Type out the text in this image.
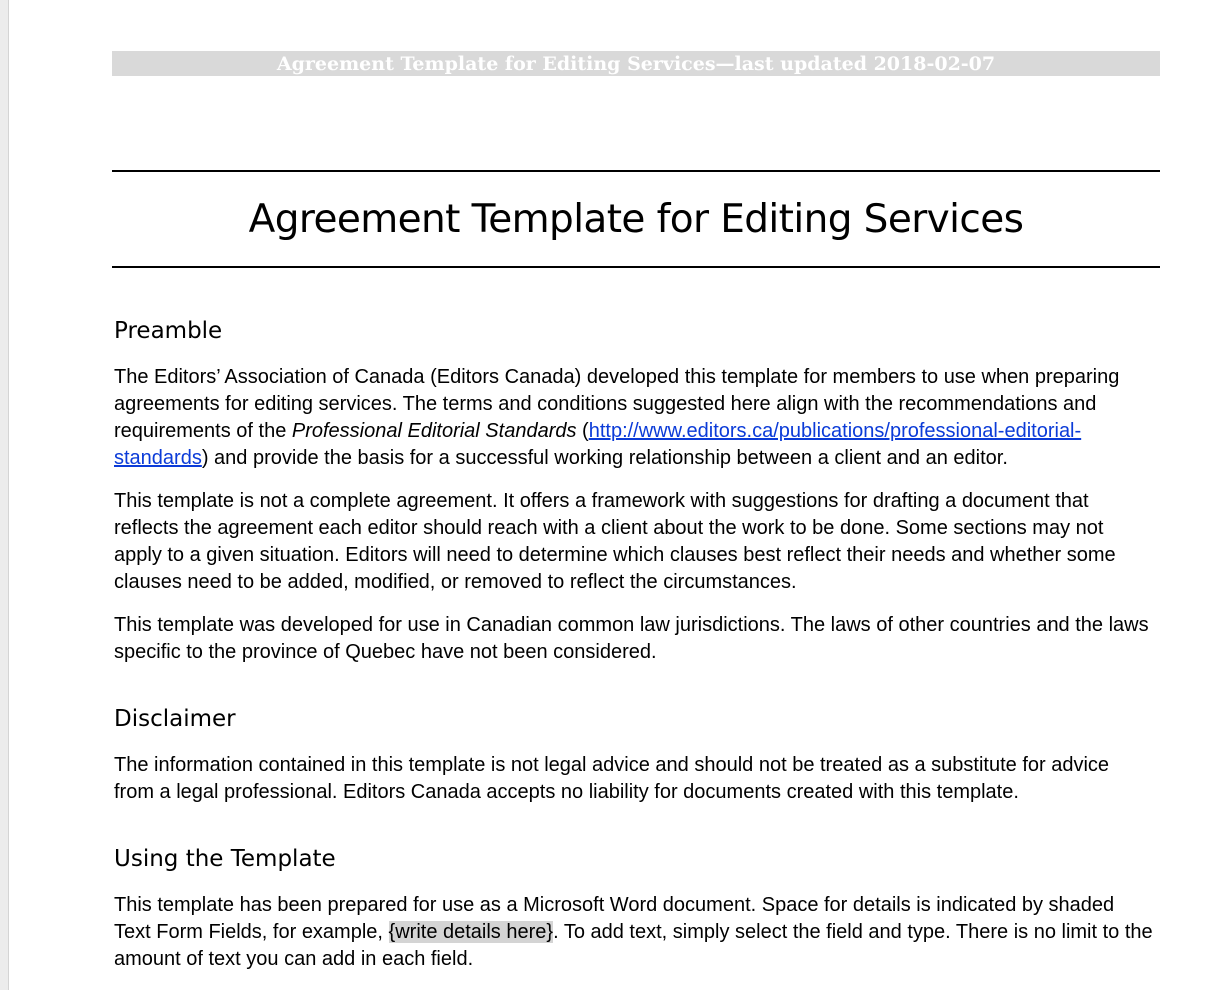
Agreement Template for Editing Services—last updated 2018-02-07
Agreement Template for Editing Services
Preamble

The Editors’ Association of Canada (Editors Canada) developed this template for members to use when preparing agreements for editing services. The terms and conditions suggested here align with the recommendations and requirements of the Professional Editorial Standards (http://www.editors.ca/publications/professional-editorial-standards) and provide the basis for a successful working relationship between a client and an editor.

This template is not a complete agreement. It offers a framework with suggestions for drafting a document that reflects the agreement each editor should reach with a client about the work to be done. Some sections may not apply to a given situation. Editors will need to determine which clauses best reflect their needs and whether some clauses need to be added, modified, or removed to reflect the circumstances.

This template was developed for use in Canadian common law jurisdictions. The laws of other countries and the laws specific to the province of Quebec have not been considered.

Disclaimer

The information contained in this template is not legal advice and should not be treated as a substitute for advice from a legal professional. Editors Canada accepts no liability for documents created with this template.

Using the Template

This template has been prepared for use as a Microsoft Word document. Space for details is indicated by shaded Text Form Fields, for example, {write details here}. To add text, simply select the field and type. There is no limit to the amount of text you can add in each field.
